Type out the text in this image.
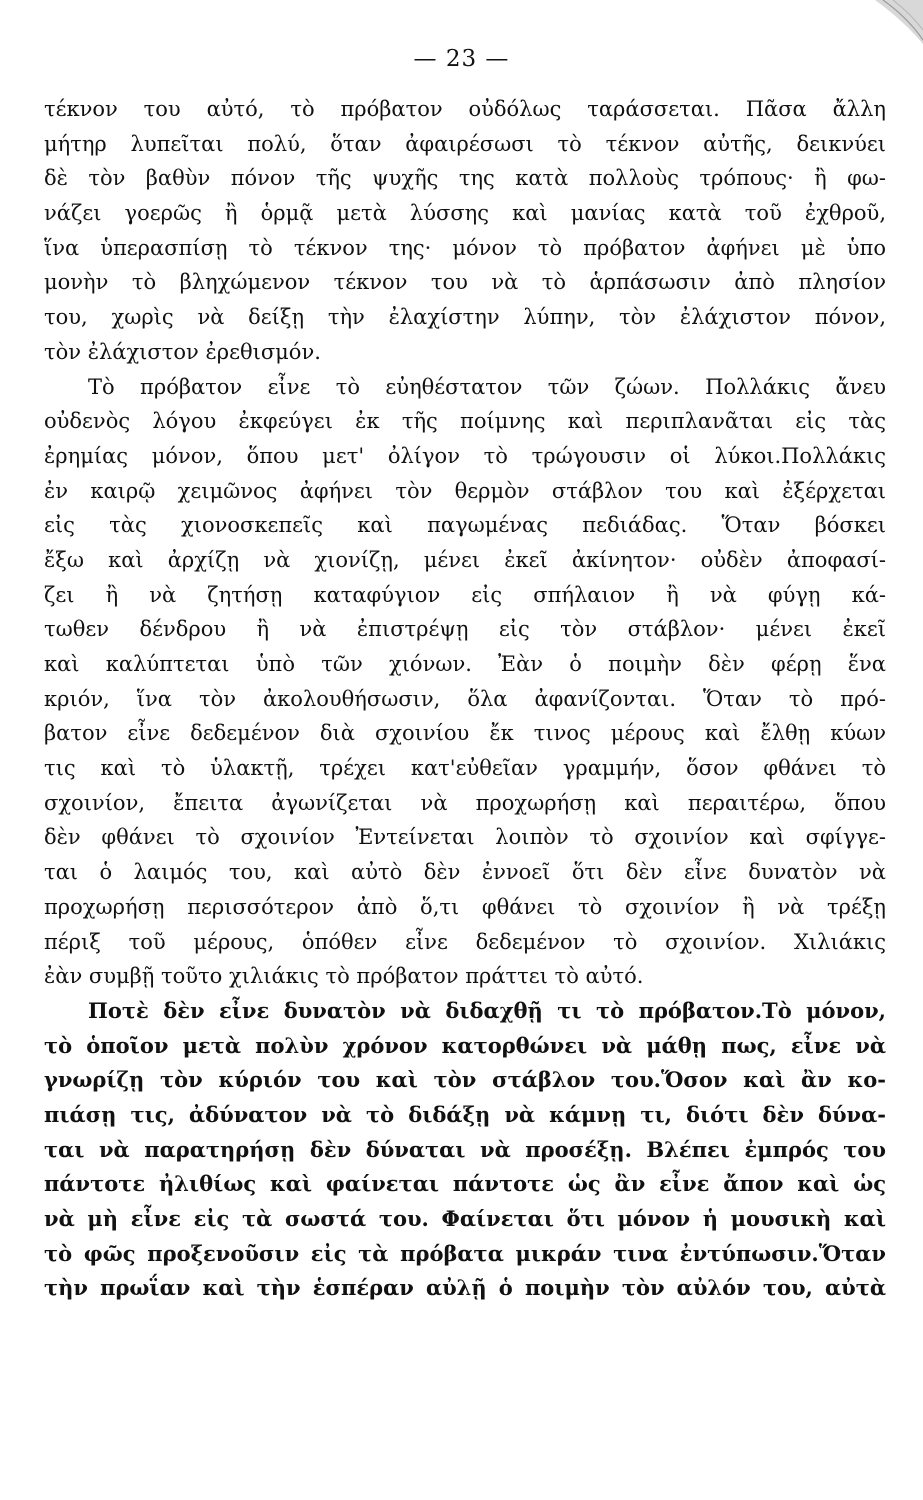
— 23 —
τέκνον του αὐτό, τὸ πρόβατον οὐδόλως ταράσσεται. Πᾶσα ἄλλη
μήτηρ λυπεῖται πολύ, ὅταν ἀφαιρέσωσι τὸ τέκνον αὐτῆς, δεικνύει
δὲ τὸν βαθὺν πόνον τῆς ψυχῆς της κατὰ πολλοὺς τρόπους· ἢ φω-
νάζει γοερῶς ἢ ὁρμᾷ μετὰ λύσσης καὶ μανίας κατὰ τοῦ ἐχθροῦ,
ἵνα ὑπερασπίσῃ τὸ τέκνον της· μόνον τὸ πρόβατον ἀφήνει μὲ ὑπο
μονὴν τὸ βληχώμενον τέκνον του νὰ τὸ ἁρπάσωσιν ἀπὸ πλησίον
του, χωρὶς νὰ δείξῃ τὴν ἐλαχίστην λύπην, τὸν ἐλάχιστον πόνον,
τὸν ἐλάχιστον ἐρεθισμόν.
Τὸ πρόβατον εἶνε τὸ εὐηθέστατον τῶν ζώων. Πολλάκις ἄνευ
οὐδενὸς λόγου ἐκφεύγει ἐκ τῆς ποίμνης καὶ περιπλανᾶται εἰς τὰς
ἐρημίας μόνον, ὅπου μετ' ὀλίγον τὸ τρώγουσιν οἱ λύκοι.Πολλάκις
ἐν καιρῷ χειμῶνος ἀφήνει τὸν θερμὸν στάβλον του καὶ ἐξέρχεται
εἰς τὰς χιονοσκεπεῖς καὶ παγωμένας πεδιάδας. Ὅταν βόσκει
ἔξω καὶ ἀρχίζῃ νὰ χιονίζῃ, μένει ἐκεῖ ἀκίνητον· οὐδὲν ἀποφασί-
ζει ἢ νὰ ζητήσῃ καταφύγιον εἰς σπήλαιον ἢ νὰ φύγῃ κά-
τωθεν δένδρου ἢ νὰ ἐπιστρέψῃ εἰς τὸν στάβλον· μένει ἐκεῖ
καὶ καλύπτεται ὑπὸ τῶν χιόνων. Ἐὰν ὁ ποιμὴν δὲν φέρῃ ἕνα
κριόν, ἵνα τὸν ἀκολουθήσωσιν, ὅλα ἀφανίζονται. Ὅταν τὸ πρό-
βατον εἶνε δεδεμένον διὰ σχοινίου ἔκ τινος μέρους καὶ ἔλθῃ κύων
τις καὶ τὸ ὑλακτῇ, τρέχει κατ'εὐθεῖαν γραμμήν, ὅσον φθάνει τὸ
σχοινίον, ἔπειτα ἀγωνίζεται νὰ προχωρήσῃ καὶ περαιτέρω, ὅπου
δὲν φθάνει τὸ σχοινίον Ἐντείνεται λοιπὸν τὸ σχοινίον καὶ σφίγγε-
ται ὁ λαιμός του, καὶ αὐτὸ δὲν ἐννοεῖ ὅτι δὲν εἶνε δυνατὸν νὰ
προχωρήσῃ περισσότερον ἀπὸ ὅ,τι φθάνει τὸ σχοινίον ἢ νὰ τρέξῃ
πέριξ τοῦ μέρους, ὁπόθεν εἶνε δεδεμένον τὸ σχοινίον. Χιλιάκις
ἐὰν συμβῇ τοῦτο χιλιάκις τὸ πρόβατον πράττει τὸ αὐτό.
Ποτὲ δὲν εἶνε δυνατὸν νὰ διδαχθῇ τι τὸ πρόβατον.Τὸ μόνον,
τὸ ὁποῖον μετὰ πολὺν χρόνον κατορθώνει νὰ μάθῃ πως, εἶνε νὰ
γνωρίζῃ τὸν κύριόν του καὶ τὸν στάβλον του.Ὅσον καὶ ἂν κο-
πιάσῃ τις, ἀδύνατον νὰ τὸ διδάξῃ νὰ κάμνῃ τι, διότι δὲν δύνα-
ται νὰ παρατηρήσῃ δὲν δύναται νὰ προσέξῃ. Βλέπει ἐμπρός του
πάντοτε ἠλιθίως καὶ φαίνεται πάντοτε ὡς ἂν εἶνε ἄπον καὶ ὡς
νὰ μὴ εἶνε εἰς τὰ σωστά του. Φαίνεται ὅτι μόνον ἡ μουσικὴ καὶ
τὸ φῶς προξενοῦσιν εἰς τὰ πρόβατα μικράν τινα ἐντύπωσιν.Ὅταν
τὴν πρωΐαν καὶ τὴν ἑσπέραν αὐλῇ ὁ ποιμὴν τὸν αὐλόν του, αὐτὰ
